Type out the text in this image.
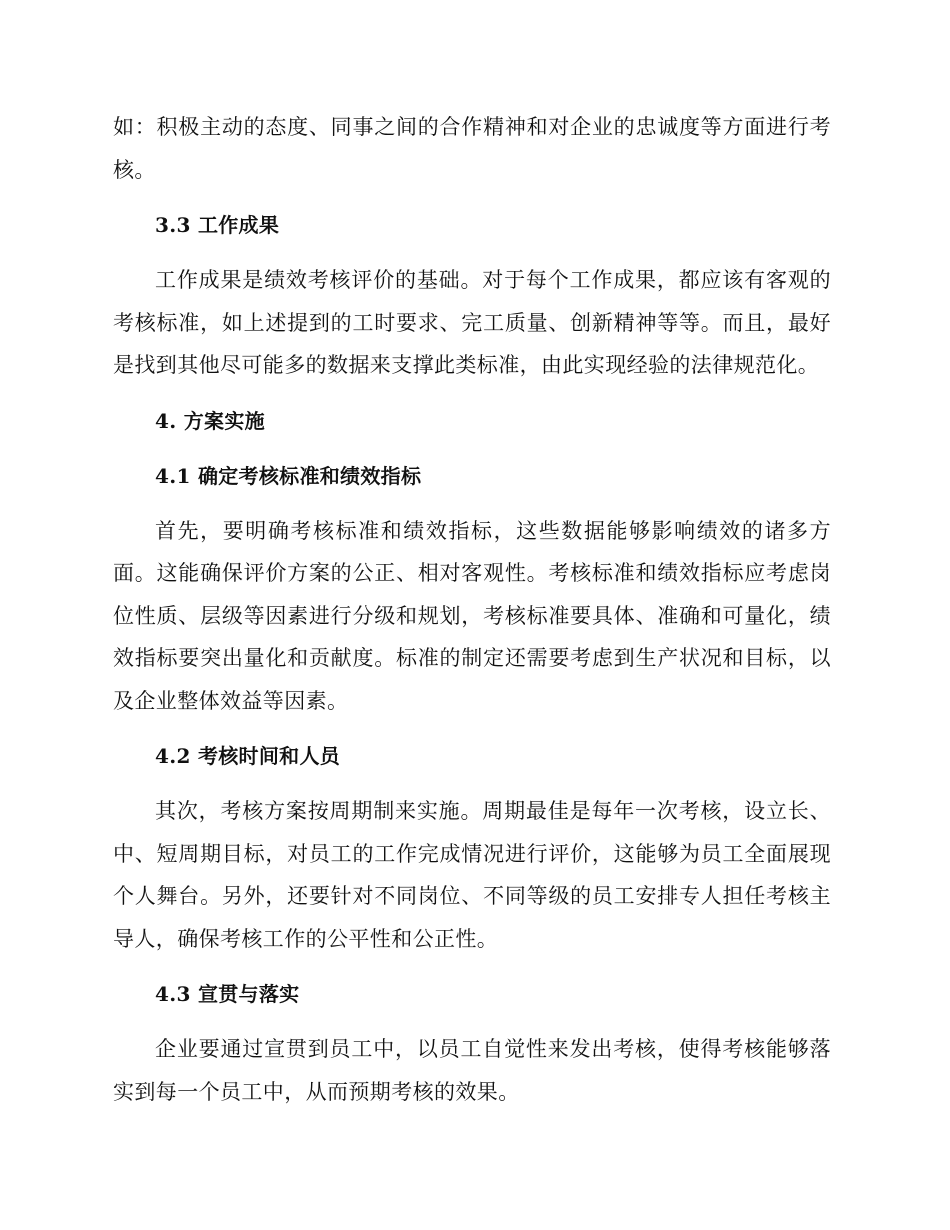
如：积极主动的态度、同事之间的合作精神和对企业的忠诚度等方面进行考核。

3.3 工作成果

工作成果是绩效考核评价的基础。对于每个工作成果，都应该有客观的考核标准，如上述提到的工时要求、完工质量、创新精神等等。而且，最好是找到其他尽可能多的数据来支撑此类标准，由此实现经验的法律规范化。

4. 方案实施
4.1 确定考核标准和绩效指标

首先，要明确考核标准和绩效指标，这些数据能够影响绩效的诸多方面。这能确保评价方案的公正、相对客观性。考核标准和绩效指标应考虑岗位性质、层级等因素进行分级和规划，考核标准要具体、准确和可量化，绩效指标要突出量化和贡献度。标准的制定还需要考虑到生产状况和目标，以及企业整体效益等因素。

4.2 考核时间和人员

其次，考核方案按周期制来实施。周期最佳是每年一次考核，设立长、中、短周期目标，对员工的工作完成情况进行评价，这能够为员工全面展现个人舞台。另外，还要针对不同岗位、不同等级的员工安排专人担任考核主导人，确保考核工作的公平性和公正性。

4.3 宣贯与落实

企业要通过宣贯到员工中，以员工自觉性来发出考核，使得考核能够落实到每一个员工中，从而预期考核的效果。
